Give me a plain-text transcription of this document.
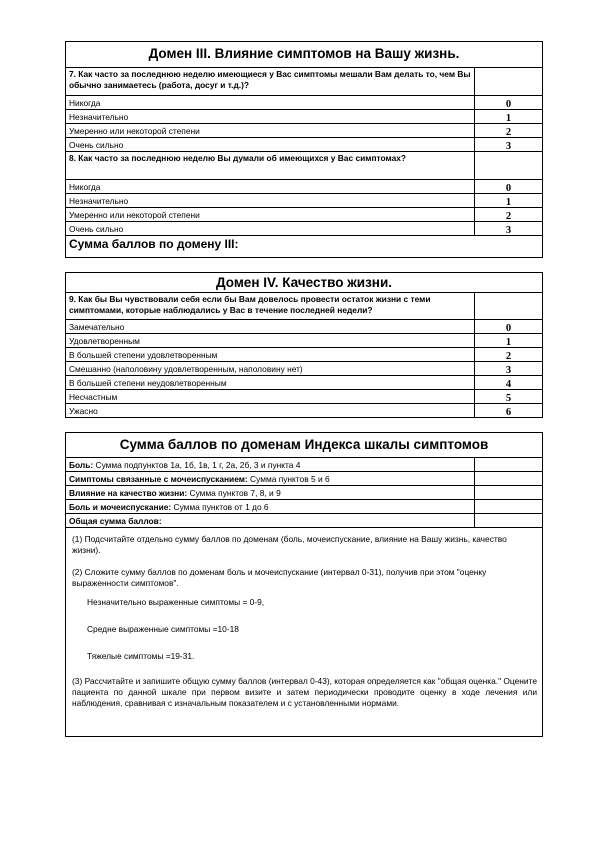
Домен III. Влияние симптомов на Вашу жизнь.
7. Как часто за последнюю неделю имеющиеся у Вас симптомы мешали Вам делать то, чем Вы обычно занимаетесь (работа, досуг и т.д.)?
Никогда	0
Незначительно	1
Умеренно или некоторой степени	2
Очень сильно	3
8. Как часто за последнюю неделю Вы думали об имеющихся у Вас симптомах?
Никогда	0
Незначительно	1
Умеренно или некоторой степени	2
Очень сильно	3
Сумма баллов по домену III:
Домен IV. Качество жизни.
9. Как бы Вы чувствовали себя если бы Вам довелось провести остаток жизни с теми симптомами, которые наблюдались у Вас в течение последней недели?
Замечательно	0
Удовлетворенным	1
В большей степени удовлетворенным	2
Смешанно (наполовину удовлетворенным, наполовину нет)	3
В большей степени неудовлетворенным	4
Несчастным	5
Ужасно	6
Сумма баллов по доменам Индекса шкалы симптомов
Боль: Сумма подпунктов 1а, 1б, 1в, 1 г, 2а, 2б, 3 и пункта 4
Симптомы связанные с мочеиспусканием: Сумма пунктов 5 и 6
Влияние на качество жизни: Сумма пунктов 7, 8, и 9
Боль и мочеиспускание: Сумма пунктов от 1 до 6
Общая сумма баллов:

(1) Подсчитайте отдельно сумму баллов по доменам (боль, мочеиспускание, влияние на Вашу жизнь, качество жизни).

(2) Сложите сумму баллов по доменам боль и мочеиспускание (интервал 0-31), получив при этом "оценку выраженности симптомов".

Незначительно выраженные симптомы = 0-9,

Средне выраженные симптомы =10-18

Тяжелые симптомы =19-31.

(3) Рассчитайте и запишите общую сумму баллов (интервал 0-43), которая определяется как "общая оценка." Оцените пациента по данной шкале при первом визите и затем периодически проводите оценку в ходе лечения или наблюдения, сравнивая с изначальным показателем и с установленными нормами.
